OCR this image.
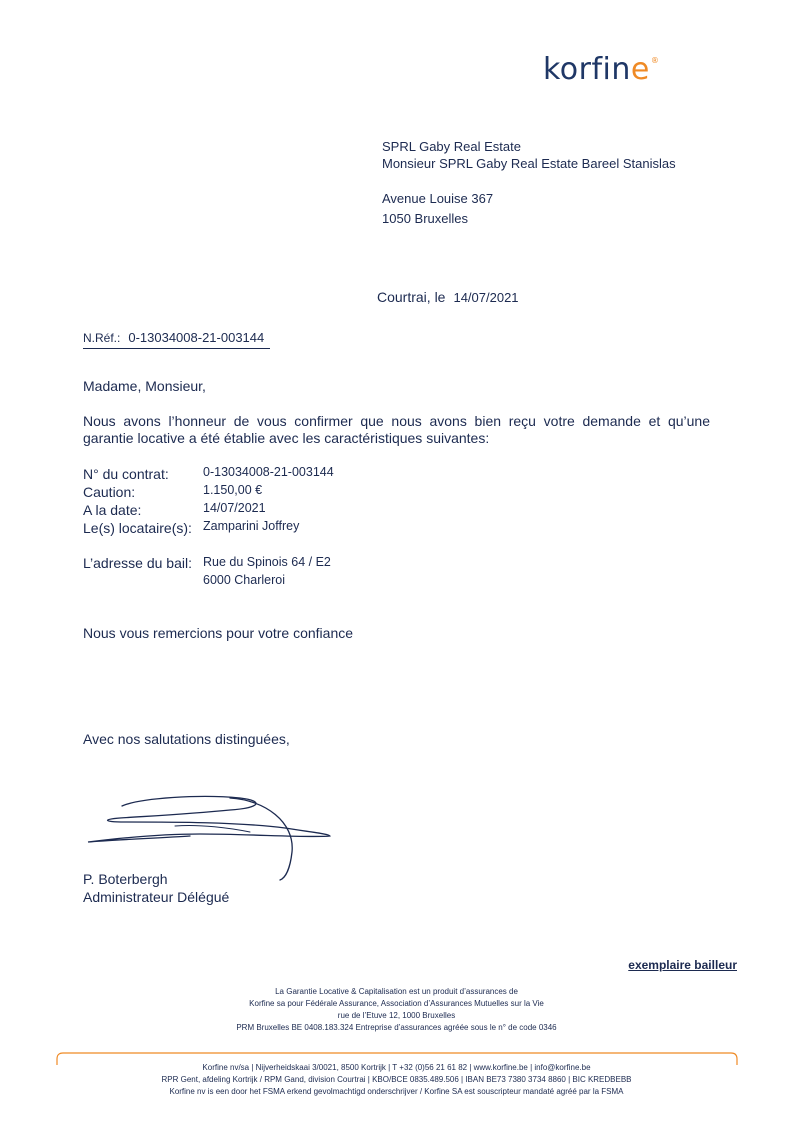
korfine®
SPRL Gaby Real Estate
Monsieur SPRL Gaby Real Estate Bareel Stanislas
Avenue Louise 367
1050 Bruxelles
Courtrai, le 14/07/2021
N.Réf.: 0-13034008-21-003144
Madame, Monsieur,
Nous avons l’honneur de vous confirmer que nous avons bien reçu votre demande et qu’une garantie locative a été établie avec les caractéristiques suivantes:
N° du contrat:	0-13034008-21-003144
Caution:	1.150,00 €
A la date:	14/07/2021
Le(s) locataire(s): Zamparini Joffrey
L’adresse du bail: Rue du Spinois 64 / E2
6000 Charleroi
Nous vous remercions pour votre confiance
Avec nos salutations distinguées,
P. Boterbergh
Administrateur Délégué
exemplaire bailleur
La Garantie Locative & Capitalisation est un produit d’assurances de
Korfine sa pour Fédérale Assurance, Association d’Assurances Mutuelles sur la Vie
rue de l’Etuve 12, 1000 Bruxelles
PRM Bruxelles BE 0408.183.324 Entreprise d’assurances agréée sous le n° de code 0346
Korfine nv/sa | Nijverheidskaai 3/0021, 8500 Kortrijk | T +32 (0)56 21 61 82 | www.korfine.be | info@korfine.be
RPR Gent, afdeling Kortrijk / RPM Gand, division Courtrai | KBO/BCE 0835.489.506 | IBAN BE73 7380 3734 8860 | BIC KREDBEBB
Korfine nv is een door het FSMA erkend gevolmachtigd onderschrijver / Korfine SA est souscripteur mandaté agréé par la FSMA
